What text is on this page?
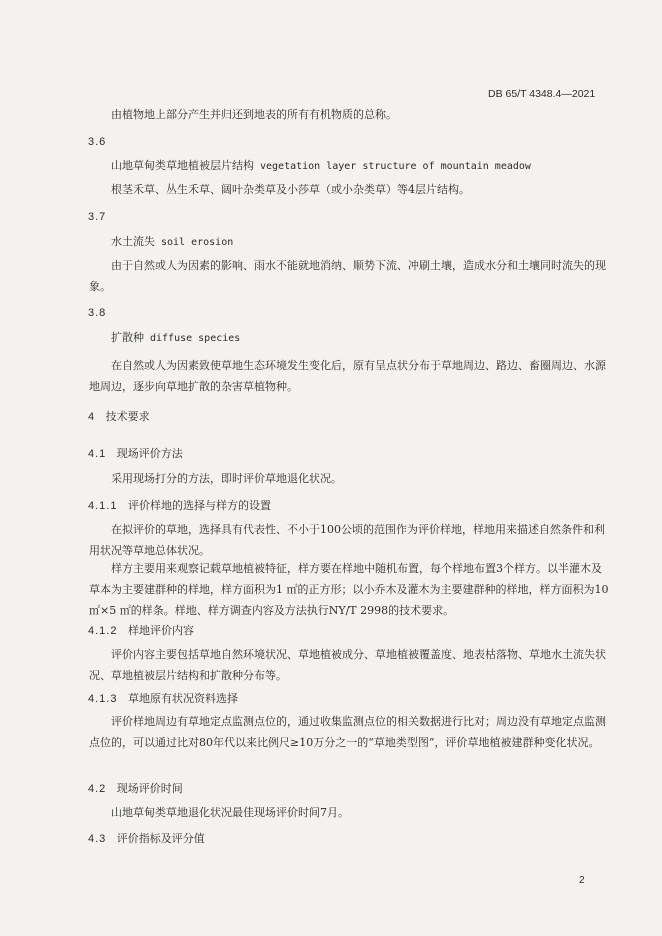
DB 65/T 4348.4—2021
由植物地上部分产生并归还到地表的所有有机物质的总称。
3.6
山地草甸类草地植被层片结构 vegetation layer structure of mountain meadow
根茎禾草、丛生禾草、阔叶杂类草及小莎草（或小杂类草）等4层片结构。
3.7
水土流失 soil erosion
由于自然或人为因素的影响、雨水不能就地消纳、顺势下流、冲刷土壤，造成水分和土壤同时流失的现象。
3.8
扩散种 diffuse species
在自然或人为因素致使草地生态环境发生变化后，原有呈点状分布于草地周边、路边、畜圈周边、水源地周边，逐步向草地扩散的杂害草植物种。
4 技术要求
4.1 现场评价方法
采用现场打分的方法，即时评价草地退化状况。
4.1.1 评价样地的选择与样方的设置
在拟评价的草地，选择具有代表性、不小于100公顷的范围作为评价样地，样地用来描述自然条件和利用状况等草地总体状况。
样方主要用来观察记载草地植被特征，样方要在样地中随机布置，每个样地布置3个样方。以半灌木及草本为主要建群种的样地，样方面积为1 ㎡的正方形；以小乔木及灌木为主要建群种的样地，样方面积为10 ㎡×5 ㎡的样条。样地、样方调查内容及方法执行NY/T 2998的技术要求。
4.1.2 样地评价内容
评价内容主要包括草地自然环境状况、草地植被成分、草地植被覆盖度、地表枯落物、草地水土流失状况、草地植被层片结构和扩散种分布等。
4.1.3 草地原有状况资料选择
评价样地周边有草地定点监测点位的，通过收集监测点位的相关数据进行比对；周边没有草地定点监测点位的，可以通过比对80年代以来比例尺≥10万分之一的“草地类型图”，评价草地植被建群种变化状况。
4.2 现场评价时间
山地草甸类草地退化状况最佳现场评价时间7月。
4.3 评价指标及评分值
2
